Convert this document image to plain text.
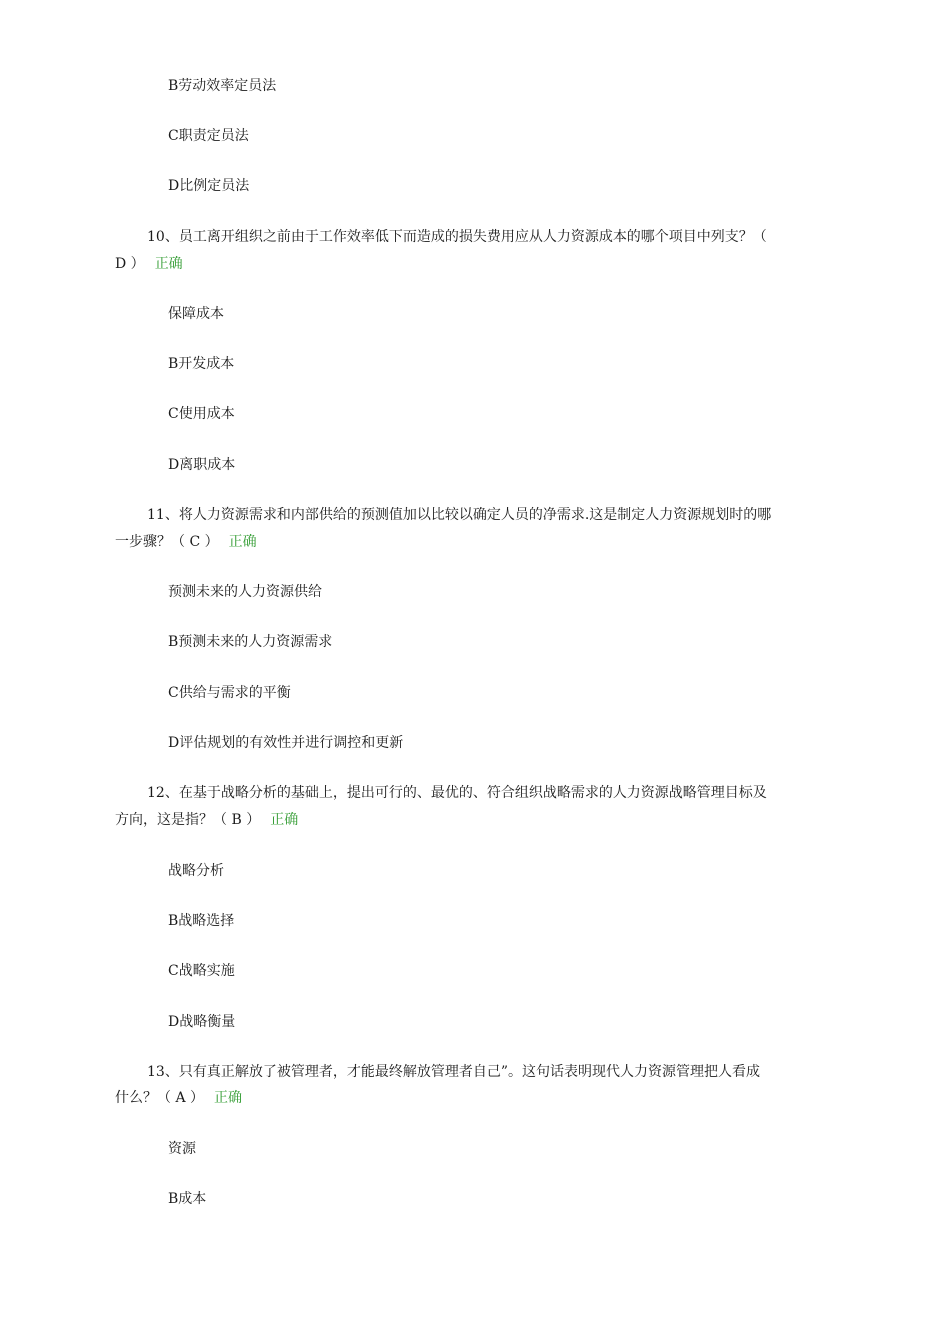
B劳动效率定员法
C职责定员法
D比例定员法
10、员工离开组织之前由于工作效率低下而造成的损失费用应从人力资源成本的哪个项目中列支？（
D ） 正确
保障成本
B开发成本
C使用成本
D离职成本
11、将人力资源需求和内部供给的预测值加以比较以确定人员的净需求.这是制定人力资源规划时的哪
一步骤？（ C ） 正确
预测未来的人力资源供给
B预测未来的人力资源需求
C供给与需求的平衡
D评估规划的有效性并进行调控和更新
12、在基于战略分析的基础上，提出可行的、最优的、符合组织战略需求的人力资源战略管理目标及
方向，这是指？（ B ） 正确
战略分析
B战略选择
C战略实施
D战略衡量
13、只有真正解放了被管理者，才能最终解放管理者自己”。这句话表明现代人力资源管理把人看成
什么？（ A ） 正确
资源
B成本
